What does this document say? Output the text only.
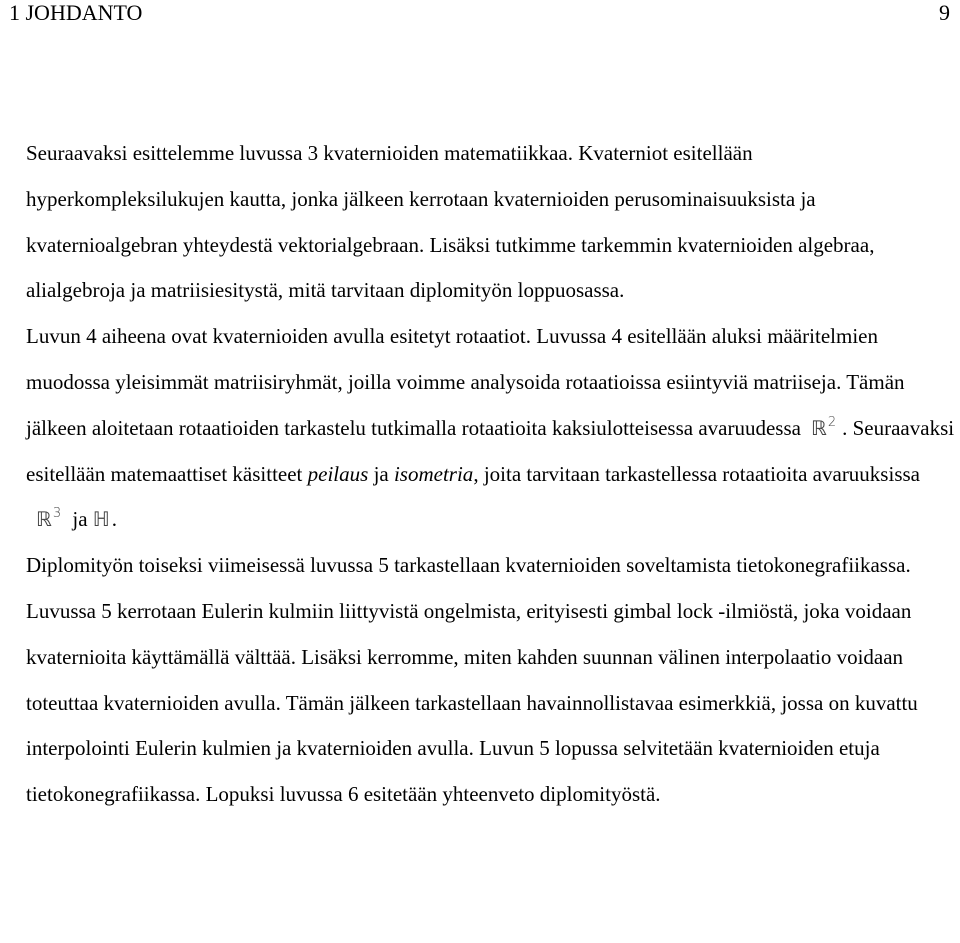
1 JOHDANTO	9

Seuraavaksi esittelemme luvussa 3 kvaternioiden matematiikkaa. Kvaterniot esitellään hyperkompleksilukujen kautta, jonka jälkeen kerrotaan kvaternioiden perusominaisuuksista ja kvaternioalgebran yhteydestä vektorialgebraan. Lisäksi tutkimme tarkemmin kvaternioiden algebraa, alialgebroja ja matriisiesitystä, mitä tarvitaan diplomityön loppuosassa.

Luvun 4 aiheena ovat kvaternioiden avulla esitetyt rotaatiot. Luvussa 4 esitellään aluksi määritelmien muodossa yleisimmät matriisiryhmät, joilla voimme analysoida rotaatioissa esiintyviä matriiseja. Tämän jälkeen aloitetaan rotaatioiden tarkastelu tutkimalla rotaatioita kaksiulotteisessa avaruudessa ℝ$^2$ . Seuraavaksi esitellään matemaattiset käsitteet peilaus ja isometria, joita tarvitaan tarkastellessa rotaatioita avaruuksissaℝ$^3$ ja ℍ.

Diplomityön toiseksi viimeisessä luvussa 5 tarkastellaan kvaternioiden soveltamista tietokonegrafiikassa. Luvussa 5 kerrotaan Eulerin kulmiin liittyvistä ongelmista, erityisesti gimbal lock -ilmiöstä, joka voidaan kvaternioita käyttämällä välttää. Lisäksi kerromme, miten kahden suunnan välinen interpolaatio voidaan toteuttaa kvaternioiden avulla. Tämän jälkeen tarkastellaan havainnollistavaa esimerkkiä, jossa on kuvattu interpolointi Eulerin kulmien ja kvaternioiden avulla. Luvun 5 lopussa selvitetään kvaternioiden etuja tietokonegrafiikassa. Lopuksi luvussa 6 esitetään yhteenveto diplomityöstä.
